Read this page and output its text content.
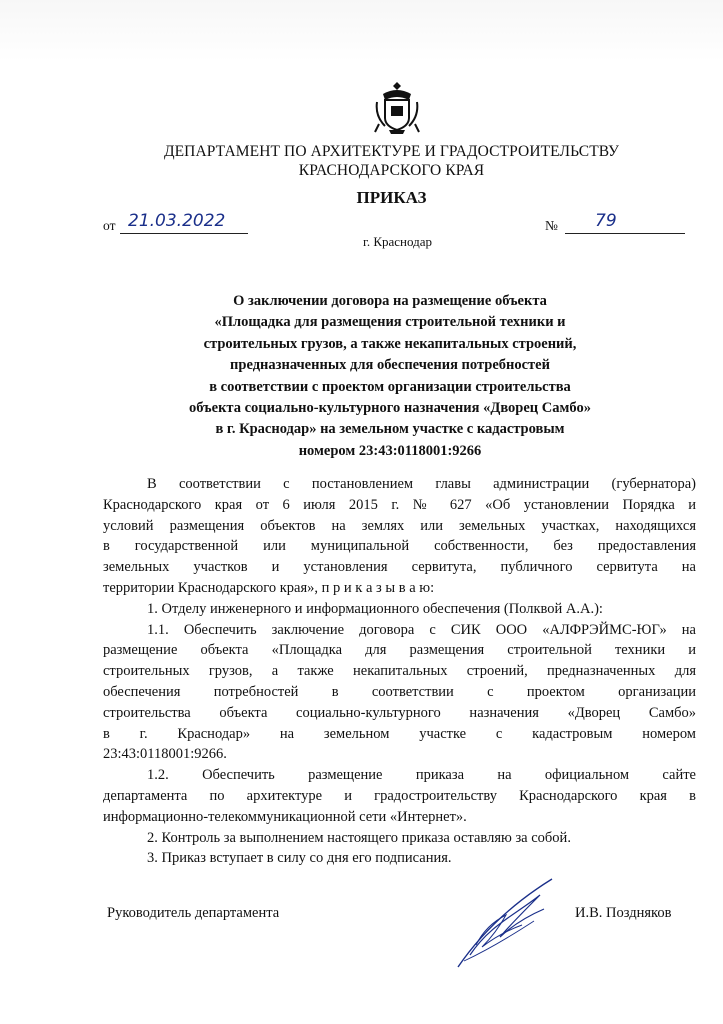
ДЕПАРТАМЕНТ ПО АРХИТЕКТУРЕ И ГРАДОСТРОИТЕЛЬСТВУ
КРАСНОДАРСКОГО КРАЯ
ПРИКАЗ
от 21.03.2022	№ 79
г. Краснодар
О заключении договора на размещение объекта
«Площадка для размещения строительной техники и
строительных грузов, а также некапитальных строений,
предназначенных для обеспечения потребностей
в соответствии с проектом организации строительства
объекта социально-культурного назначения «Дворец Самбо»
в г. Краснодар» на земельном участке с кадастровым
номером 23:43:0118001:9266
В соответствии с постановлением главы администрации (губернатора)
Краснодарского края от 6 июля 2015 г. № 627 «Об установлении Порядка и
условий размещения объектов на землях или земельных участках, находящихся
в государственной или муниципальной собственности, без предоставления
земельных участков и установления сервитута, публичного сервитута на
территории Краснодарского края», п р и к а з ы в а ю:
1. Отделу инженерного и информационного обеспечения (Полквой А.А.):
1.1. Обеспечить заключение договора с СИК ООО «АЛФРЭЙМС-ЮГ» на
размещение объекта «Площадка для размещения строительной техники и
строительных грузов, а также некапитальных строений, предназначенных для
обеспечения потребностей в соответствии с проектом организации
строительства объекта социально-культурного назначения «Дворец Самбо»
в г. Краснодар» на земельном участке с кадастровым номером
23:43:0118001:9266.
1.2. Обеспечить размещение приказа на официальном сайте
департамента по архитектуре и градостроительству Краснодарского края в
информационно-телекоммуникационной сети «Интернет».
2. Контроль за выполнением настоящего приказа оставляю за собой.
3. Приказ вступает в силу со дня его подписания.
Руководитель департамента	И.В. Поздняков
